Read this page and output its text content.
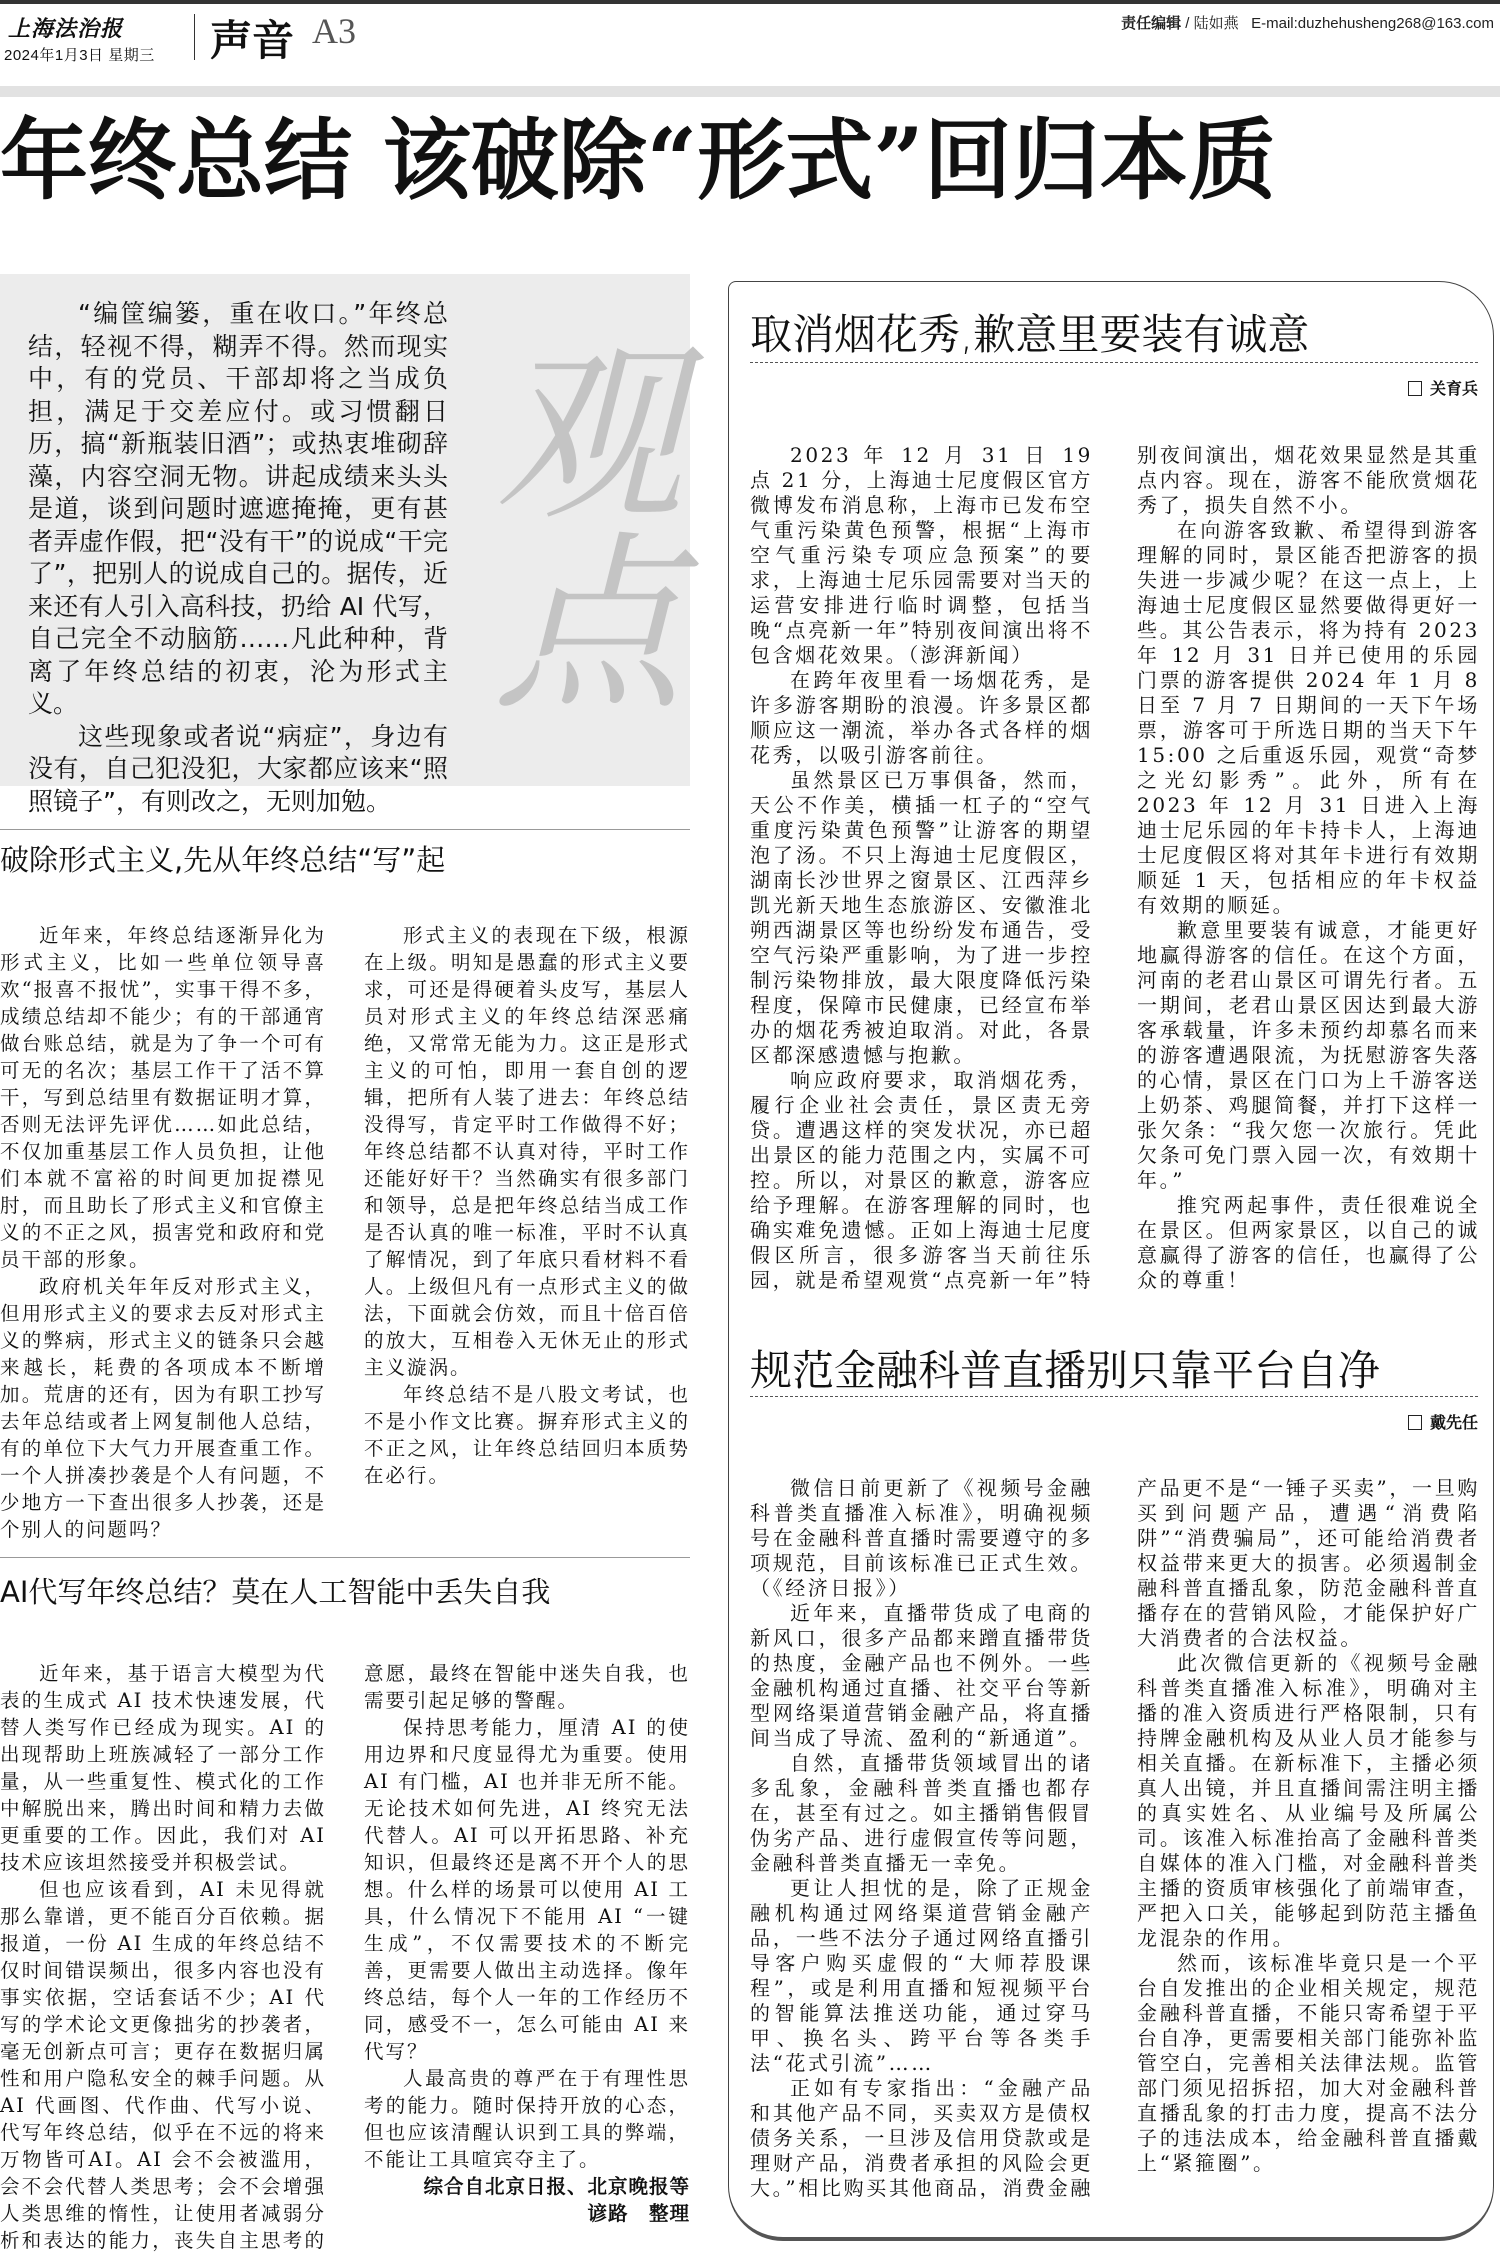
上海法治报
2024年1月3日 星期三 声音 A3	责任编辑 / 陆如燕 E-mail:duzhehusheng268@163.com
年终总结 该破除“形式”回归本质
观点

“编筐编篓，重在收口。”年终总结，轻视不得，糊弄不得。然而现实中，有的党员、干部却将之当成负担，满足于交差应付。或习惯翻日历，搞“新瓶装旧酒”；或热衷堆砌辞藻，内容空洞无物。讲起成绩来头头是道，谈到问题时遮遮掩掩，更有甚者弄虚作假，把“没有干”的说成“干完了”，把别人的说成自己的。据传，近来还有人引入高科技，扔给 AI 代写，自己完全不动脑筋……凡此种种，背离了年终总结的初衷，沦为形式主义。

这些现象或者说“病症”，身边有没有，自己犯没犯，大家都应该来“照照镜子”，有则改之，无则加勉。

破除形式主义,先从年终总结“写”起

近年来，年终总结逐渐异化为形式主义，比如一些单位领导喜欢“报喜不报忧”，实事干得不多，成绩总结却不能少；有的干部通宵做台账总结，就是为了争一个可有可无的名次；基层工作干了活不算干，写到总结里有数据证明才算，否则无法评先评优……如此总结，不仅加重基层工作人员负担，让他们本就不富裕的时间更加捉襟见肘，而且助长了形式主义和官僚主义的不正之风，损害党和政府和党员干部的形象。

政府机关年年反对形式主义，但用形式主义的要求去反对形式主义的弊病，形式主义的链条只会越来越长，耗费的各项成本不断增加。荒唐的还有，因为有职工抄写去年总结或者上网复制他人总结，有的单位下大气力开展查重工作。一个人拼凑抄袭是个人有问题，不少地方一下查出很多人抄袭，还是个别人的问题吗？

形式主义的表现在下级，根源在上级。明知是愚蠢的形式主义要求，可还是得硬着头皮写，基层人员对形式主义的年终总结深恶痛绝，又常常无能为力。这正是形式主义的可怕，即用一套自创的逻辑，把所有人装了进去：年终总结没得写，肯定平时工作做得不好；年终总结都不认真对待，平时工作还能好好干？当然确实有很多部门和领导，总是把年终总结当成工作是否认真的唯一标准，平时不认真了解情况，到了年底只看材料不看人。上级但凡有一点形式主义的做法，下面就会仿效，而且十倍百倍的放大，互相卷入无休无止的形式主义漩涡。

年终总结不是八股文考试，也不是小作文比赛。摒弃形式主义的不正之风，让年终总结回归本质势在必行。

AI代写年终总结？莫在人工智能中丢失自我

近年来，基于语言大模型为代表的生成式 AI 技术快速发展，代替人类写作已经成为现实。AI 的出现帮助上班族减轻了一部分工作量，从一些重复性、模式化的工作中解脱出来，腾出时间和精力去做更重要的工作。因此，我们对 AI 技术应该坦然接受并积极尝试。

但也应该看到，AI 未见得就那么靠谱，更不能百分百依赖。据报道，一份 AI 生成的年终总结不仅时间错误频出，很多内容也没有事实依据，空话套话不少；AI 代写的学术论文更像拙劣的抄袭者，毫无创新点可言；更存在数据归属性和用户隐私安全的棘手问题。从 AI 代画图、代作曲、代写小说、代写年终总结，似乎在不远的将来万物皆可AI。AI 会不会被滥用，会不会代替人类思考；会不会增强人类思维的惰性，让使用者减弱分析和表达的能力，丧失自主思考的意愿，最终在智能中迷失自我，也需要引起足够的警醒。

保持思考能力，厘清 AI 的使用边界和尺度显得尤为重要。使用 AI 有门槛，AI 也并非无所不能。无论技术如何先进，AI 终究无法代替人。AI 可以开拓思路、补充知识，但最终还是离不开个人的思想。什么样的场景可以使用 AI 工具，什么情况下不能用 AI “一键生成”，不仅需要技术的不断完善，更需要人做出主动选择。像年终总结，每个人一年的工作经历不同，感受不一，怎么可能由 AI 来代写？

人最高贵的尊严在于有理性思考的能力。随时保持开放的心态，但也应该清醒认识到工具的弊端，不能让工具喧宾夺主了。

综合自北京日报、北京晚报等

谚路　整理

取消烟花秀,歉意里要装有诚意
关育兵

2023 年 12 月 31 日 19 点 21 分，上海迪士尼度假区官方微博发布消息称，上海市已发布空气重污染黄色预警，根据“上海市空气重污染专项应急预案”的要求，上海迪士尼乐园需要对当天的运营安排进行临时调整，包括当晚“点亮新一年”特别夜间演出将不包含烟花效果。（澎湃新闻）

在跨年夜里看一场烟花秀，是许多游客期盼的浪漫。许多景区都顺应这一潮流，举办各式各样的烟花秀，以吸引游客前往。

虽然景区已万事俱备，然而，天公不作美，横插一杠子的“空气重度污染黄色预警”让游客的期望泡了汤。不只上海迪士尼度假区，湖南长沙世界之窗景区、江西萍乡凯光新天地生态旅游区、安徽淮北朔西湖景区等也纷纷发布通告，受空气污染严重影响，为了进一步控制污染物排放，最大限度降低污染程度，保障市民健康，已经宣布举办的烟花秀被迫取消。对此，各景区都深感遗憾与抱歉。

响应政府要求，取消烟花秀，履行企业社会责任，景区责无旁贷。遭遇这样的突发状况，亦已超出景区的能力范围之内，实属不可控。所以，对景区的歉意，游客应给予理解。在游客理解的同时，也确实难免遗憾。正如上海迪士尼度假区所言，很多游客当天前往乐园，就是希望观赏“点亮新一年”特别夜间演出，烟花效果显然是其重点内容。现在，游客不能欣赏烟花秀了，损失自然不小。

在向游客致歉、希望得到游客理解的同时，景区能否把游客的损失进一步减少呢？在这一点上，上海迪士尼度假区显然要做得更好一些。其公告表示，将为持有 2023 年 12 月 31 日并已使用的乐园门票的游客提供 2024 年 1 月 8 日至 7 月 7 日期间的一天下午场票，游客可于所选日期的当天下午 15:00 之后重返乐园，观赏“奇梦之光幻影秀”。此外，所有在 2023 年 12 月 31 日进入上海迪士尼乐园的年卡持卡人，上海迪士尼度假区将对其年卡进行有效期顺延 1 天，包括相应的年卡权益有效期的顺延。

歉意里要装有诚意，才能更好地赢得游客的信任。在这个方面，河南的老君山景区可谓先行者。五一期间，老君山景区因达到最大游客承载量，许多未预约却慕名而来的游客遭遇限流，为抚慰游客失落的心情，景区在门口为上千游客送上奶茶、鸡腿简餐，并打下这样一张欠条：“我欠您一次旅行。凭此欠条可免门票入园一次，有效期十年。”

推究两起事件，责任很难说全在景区。但两家景区，以自己的诚意赢得了游客的信任，也赢得了公众的尊重！

规范金融科普直播别只靠平台自净
戴先任

微信日前更新了《视频号金融科普类直播准入标准》，明确视频号在金融科普直播时需要遵守的多项规范，目前该标准已正式生效。（《经济日报》）

近年来，直播带货成了电商的新风口，很多产品都来蹭直播带货的热度，金融产品也不例外。一些金融机构通过直播、社交平台等新型网络渠道营销金融产品，将直播间当成了导流、盈利的“新通道”。

自然，直播带货领域冒出的诸多乱象，金融科普类直播也都存在，甚至有过之。如主播销售假冒伪劣产品、进行虚假宣传等问题，金融科普类直播无一幸免。

更让人担忧的是，除了正规金融机构通过网络渠道营销金融产品，一些不法分子通过网络直播引导客户购买虚假的“大师荐股课程”，或是利用直播和短视频平台的智能算法推送功能，通过穿马甲、换名头、跨平台等各类手法“花式引流”……

正如有专家指出：“金融产品和其他产品不同，买卖双方是债权债务关系，一旦涉及信用贷款或是理财产品，消费者承担的风险会更大。”相比购买其他商品，消费金融产品更不是“一锤子买卖”，一旦购买到问题产品，遭遇“消费陷阱”“消费骗局”，还可能给消费者权益带来更大的损害。必须遏制金融科普直播乱象，防范金融科普直播存在的营销风险，才能保护好广大消费者的合法权益。

此次微信更新的《视频号金融科普类直播准入标准》，明确对主播的准入资质进行严格限制，只有持牌金融机构及从业人员才能参与相关直播。在新标准下，主播必须真人出镜，并且直播间需注明主播的真实姓名、从业编号及所属公司。该准入标准抬高了金融科普类自媒体的准入门槛，对金融科普类主播的资质审核强化了前端审查，严把入口关，能够起到防范主播鱼龙混杂的作用。

然而，该标准毕竟只是一个平台自发推出的企业相关规定，规范金融科普直播，不能只寄希望于平台自净，更需要相关部门能弥补监管空白，完善相关法律法规。监管部门须见招拆招，加大对金融科普直播乱象的打击力度，提高不法分子的违法成本，给金融科普直播戴上“紧箍圈”。
